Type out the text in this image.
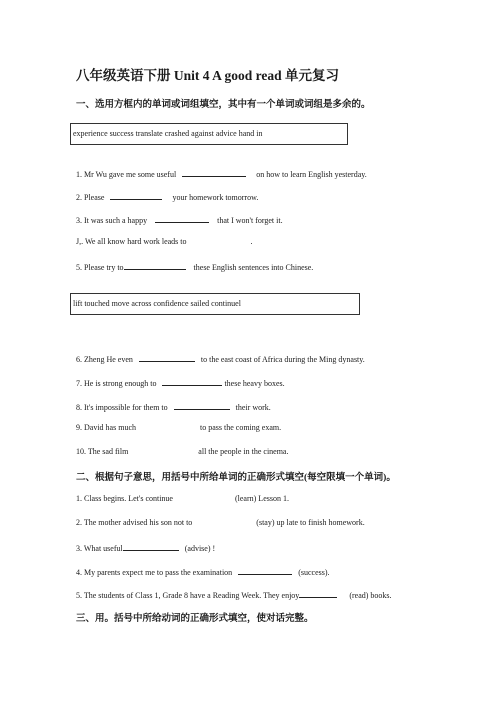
八年级英语下册 Unit 4 A good read 单元复习
一、选用方框内的单词或词组填空，其中有一个单词或词组是多余的。
experience success translate crashed against advice hand in
1. Mr Wu gave me some useful	on how to learn English yesterday.
2. Please	your homework tomorrow.
3. It was such a happy	that I won't forget it.
J,. We all know hard work leads to	.
5. Please try to	these English sentences into Chinese.
lift touched move across confidence sailed continuel
6. Zheng He even	to the east coast of Africa during the Ming dynasty.
7. He is strong enough to	these heavy boxes.
8. It's impossible for them to	their work.
9. David has much	to pass the coming exam.
10. The sad film	all the people in the cinema.
二、根据句子意思，用括号中所给单词的正确形式填空(每空限填一个单词)。
1. Class begins. Let's continue	(learn) Lesson 1.
2. The mother advised his son not to	(stay) up late to finish homework.
3. What useful	(advise) !
4. My parents expect me to pass the examination	(success).
5. The students of Class 1, Grade 8 have a Reading Week. They enjoy	(read) books.
三、用。括号中所给动词的正确形式填空，使对话完整。
